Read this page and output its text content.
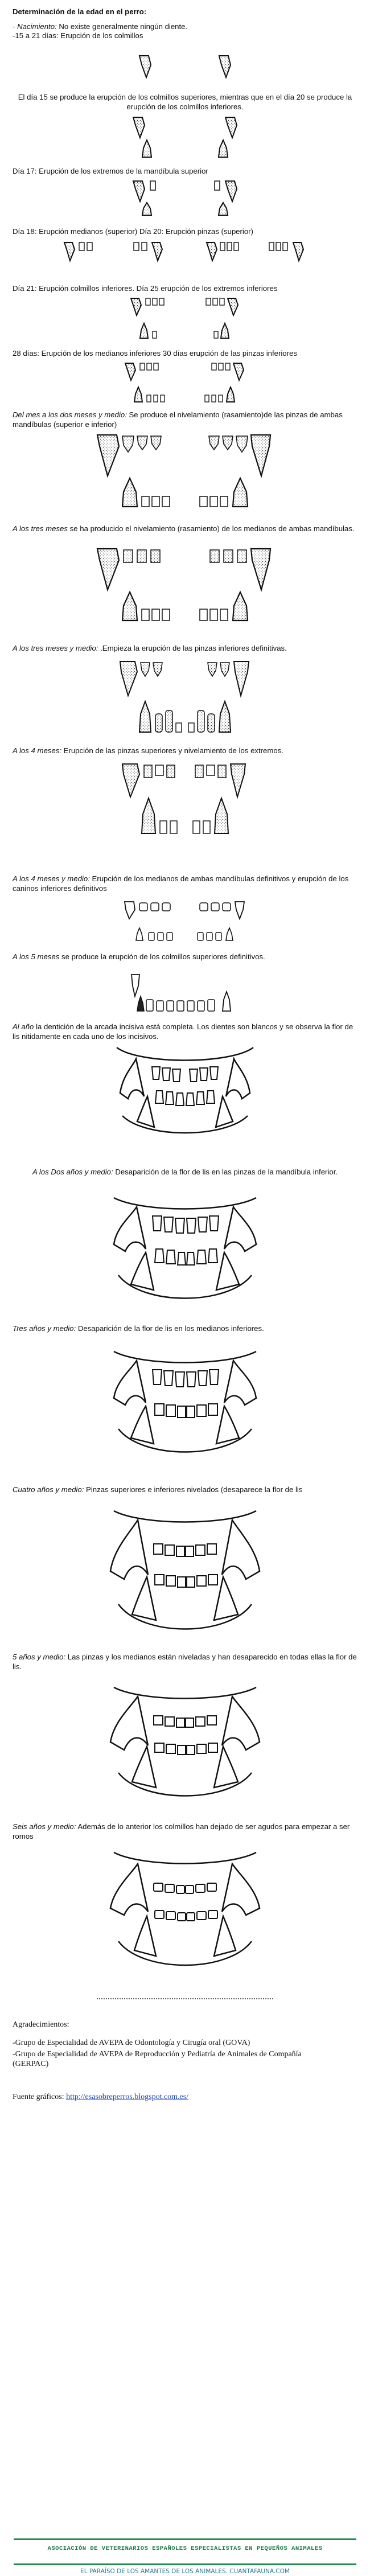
Determinación de la edad en el perro:
- Nacimiento: No existe generalmente ningún diente.
-15 a 21 días: Erupción de los colmillos
El día 15 se produce la erupción de los colmillos superiores, mientras que en el día 20 se produce la erupción de los colmillos inferiores.
Día 17: Erupción de los extremos de la mandíbula superior
Día 18: Erupción medianos (superior) Día 20: Erupción pinzas (superior)
Día 21: Erupción colmillos inferiores. Día 25 erupción de los extremos inferiores
28 días: Erupción de los medianos inferiores 30 días erupción de las pinzas inferiores
Del mes a los dos meses y medio: Se produce el nivelamiento (rasamiento)de las pinzas de ambas mandíbulas (superior e inferior)
A los tres meses se ha producido el nivelamiento (rasamiento) de los medianos de ambas mandíbulas.
A los tres meses y medio: .Empieza la erupción de las pinzas inferiores definitivas.
A los 4 meses: Erupción de las pinzas superiores y nivelamiento de los extremos.
A los 4 meses y medio: Erupción de los medianos de ambas mandíbulas definitivos y erupción de los caninos inferiores definitivos
A los 5 meses se produce la erupción de los colmillos superiores definitivos.
Al año la dentición de la arcada incisiva está completa. Los dientes son blancos y se observa la flor de lis nitidamente en cada uno de los incisivos.
A los Dos años y medio: Desaparición de la flor de lis en las pinzas de la mandíbula inferior.
Tres años y medio: Desaparición de la flor de lis en los medianos inferiores.
Cuatro años y medio: Pinzas superiores e inferiores nivelados (desaparece la flor de lis
5 años y medio: Las pinzas y los medianos están niveladas y han desaparecido en todas ellas la flor de lis.
Seis años y medio: Además de lo anterior los colmillos han dejado de ser agudos para empezar a ser romos
Agradecimientos:
-Grupo de Especialidad de AVEPA de Odontología y Cirugía oral (GOVA)
-Grupo de Especialidad de AVEPA de Reproducción y Pediatría de Animales de Compañía (GERPAC)
Fuente gráficos: http://esasobreperros.blogspot.com.es/
ASOCIACIÓN DE VETERINARIOS ESPAÑOLES ESPECIALISTAS EN PEQUEÑOS ANIMALES
EL PARAÍSO DE LOS AMANTES DE LOS ANIMALES. CUANTAFAUNA.COM
